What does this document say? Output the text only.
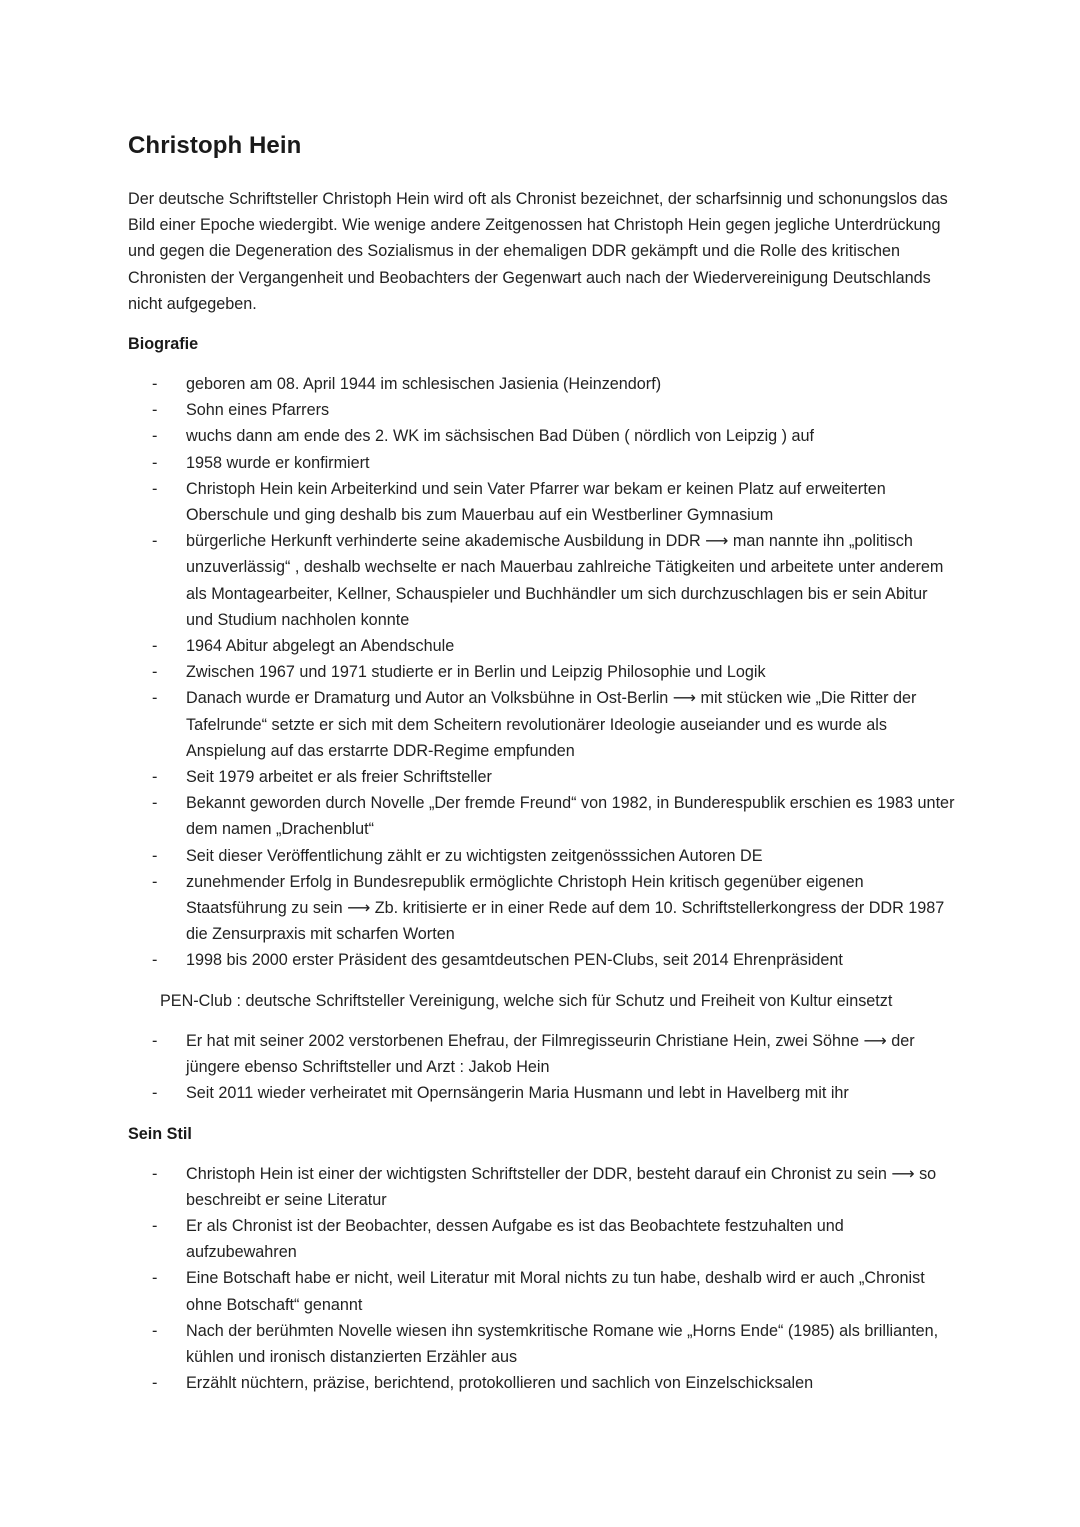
Christoph Hein

Der deutsche Schriftsteller Christoph Hein wird oft als Chronist bezeichnet, der scharfsinnig und schonungslos das Bild einer Epoche wiedergibt. Wie wenige andere Zeitgenossen hat Christoph Hein gegen jegliche Unterdrückung und gegen die Degeneration des Sozialismus in der ehemaligen DDR gekämpft und die Rolle des kritischen Chronisten der Vergangenheit und Beobachters der Gegenwart auch nach der Wiedervereinigung Deutschlands nicht aufgegeben.

Biografie
- geboren am 08. April 1944 im schlesischen Jasienia (Heinzendorf)
- Sohn eines Pfarrers
- wuchs dann am ende des 2. WK im sächsischen Bad Düben ( nördlich von Leipzig ) auf
- 1958 wurde er konfirmiert
- Christoph Hein kein Arbeiterkind und sein Vater Pfarrer war bekam er keinen Platz auf erweiterten Oberschule und ging deshalb bis zum Mauerbau auf ein Westberliner Gymnasium
- bürgerliche Herkunft verhinderte seine akademische Ausbildung in DDR ⟶ man nannte ihn „politisch unzuverlässig“ , deshalb wechselte er nach Mauerbau zahlreiche Tätigkeiten und arbeitete unter anderem als Montagearbeiter, Kellner, Schauspieler und Buchhändler um sich durchzuschlagen bis er sein Abitur und Studium nachholen konnte
- 1964 Abitur abgelegt an Abendschule
- Zwischen 1967 und 1971 studierte er in Berlin und Leipzig Philosophie und Logik
- Danach wurde er Dramaturg und Autor an Volksbühne in Ost-Berlin ⟶ mit stücken wie „Die Ritter der Tafelrunde“ setzte er sich mit dem Scheitern revolutionärer Ideologie auseiander und es wurde als Anspielung auf das erstarrte DDR-Regime empfunden
- Seit 1979 arbeitet er als freier Schriftsteller
- Bekannt geworden durch Novelle „Der fremde Freund“ von 1982, in Bunderespublik erschien es 1983 unter dem namen „Drachenblut“
- Seit dieser Veröffentlichung zählt er zu wichtigsten zeitgenösssichen Autoren DE
- zunehmender Erfolg in Bundesrepublik ermöglichte Christoph Hein kritisch gegenüber eigenen Staatsführung zu sein ⟶ Zb. kritisierte er in einer Rede auf dem 10. Schriftstellerkongress der DDR 1987 die Zensurpraxis mit scharfen Worten
- 1998 bis 2000 erster Präsident des gesamtdeutschen PEN-Clubs, seit 2014 Ehrenpräsident

PEN-Club : deutsche Schriftsteller Vereinigung, welche sich für Schutz und Freiheit von Kultur einsetzt

- Er hat mit seiner 2002 verstorbenen Ehefrau, der Filmregisseurin Christiane Hein, zwei Söhne ⟶ der jüngere ebenso Schriftsteller und Arzt : Jakob Hein
- Seit 2011 wieder verheiratet mit Opernsängerin Maria Husmann und lebt in Havelberg mit ihr
Sein Stil
- Christoph Hein ist einer der wichtigsten Schriftsteller der DDR, besteht darauf ein Chronist zu sein ⟶ so beschreibt er seine Literatur
- Er als Chronist ist der Beobachter, dessen Aufgabe es ist das Beobachtete festzuhalten und aufzubewahren
- Eine Botschaft habe er nicht, weil Literatur mit Moral nichts zu tun habe, deshalb wird er auch „Chronist ohne Botschaft“ genannt
- Nach der berühmten Novelle wiesen ihn systemkritische Romane wie „Horns Ende“ (1985) als brillianten, kühlen und ironisch distanzierten Erzähler aus
- Erzählt nüchtern, präzise, berichtend, protokollieren und sachlich von Einzelschicksalen
